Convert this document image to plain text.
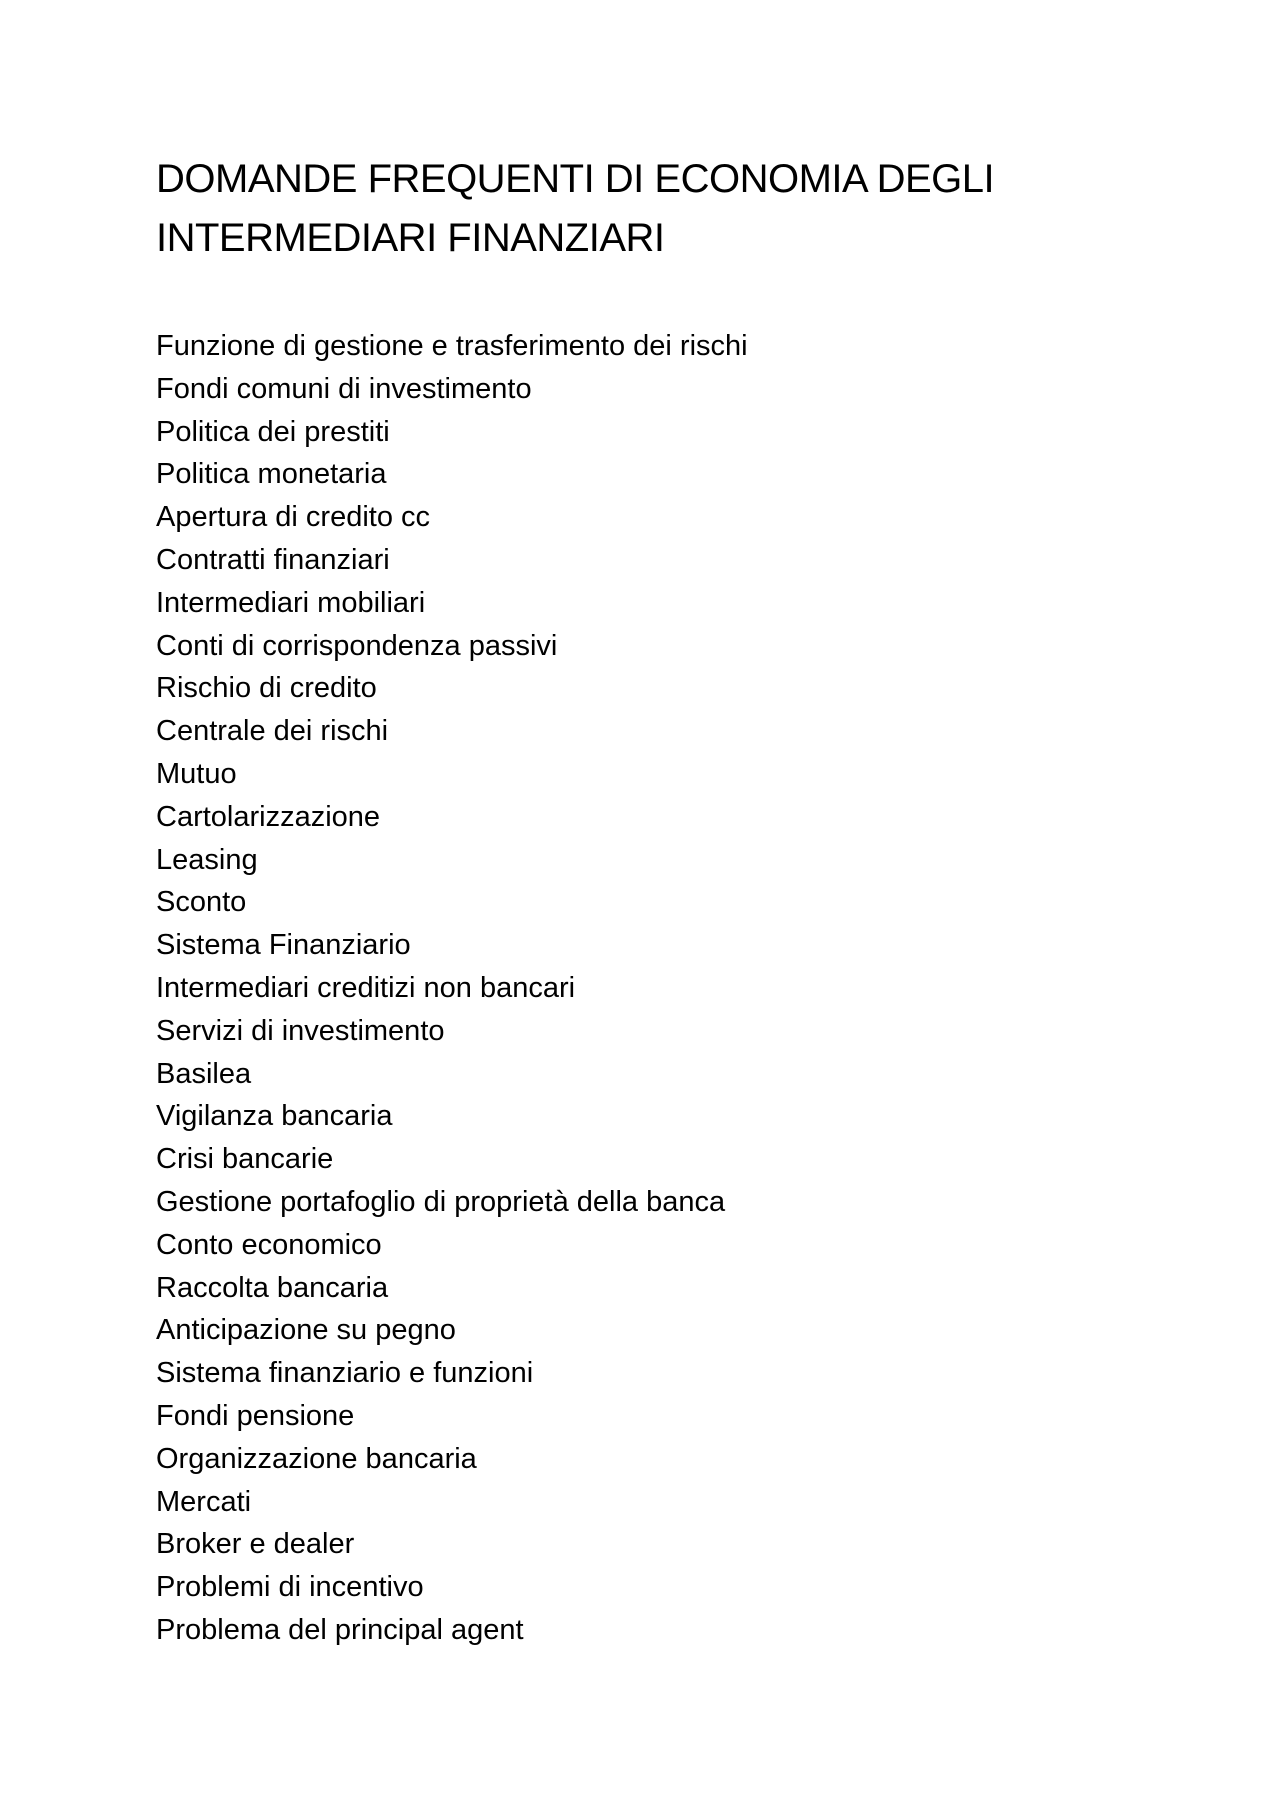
DOMANDE FREQUENTI DI ECONOMIA DEGLI
INTERMEDIARI FINANZIARI
Funzione di gestione e trasferimento dei rischi
Fondi comuni di investimento
Politica dei prestiti
Politica monetaria
Apertura di credito cc
Contratti finanziari
Intermediari mobiliari
Conti di corrispondenza passivi
Rischio di credito
Centrale dei rischi
Mutuo
Cartolarizzazione
Leasing
Sconto
Sistema Finanziario
Intermediari creditizi non bancari
Servizi di investimento
Basilea
Vigilanza bancaria
Crisi bancarie
Gestione portafoglio di proprietà della banca
Conto economico
Raccolta bancaria
Anticipazione su pegno
Sistema finanziario e funzioni
Fondi pensione
Organizzazione bancaria
Mercati
Broker e dealer
Problemi di incentivo
Problema del principal agent
